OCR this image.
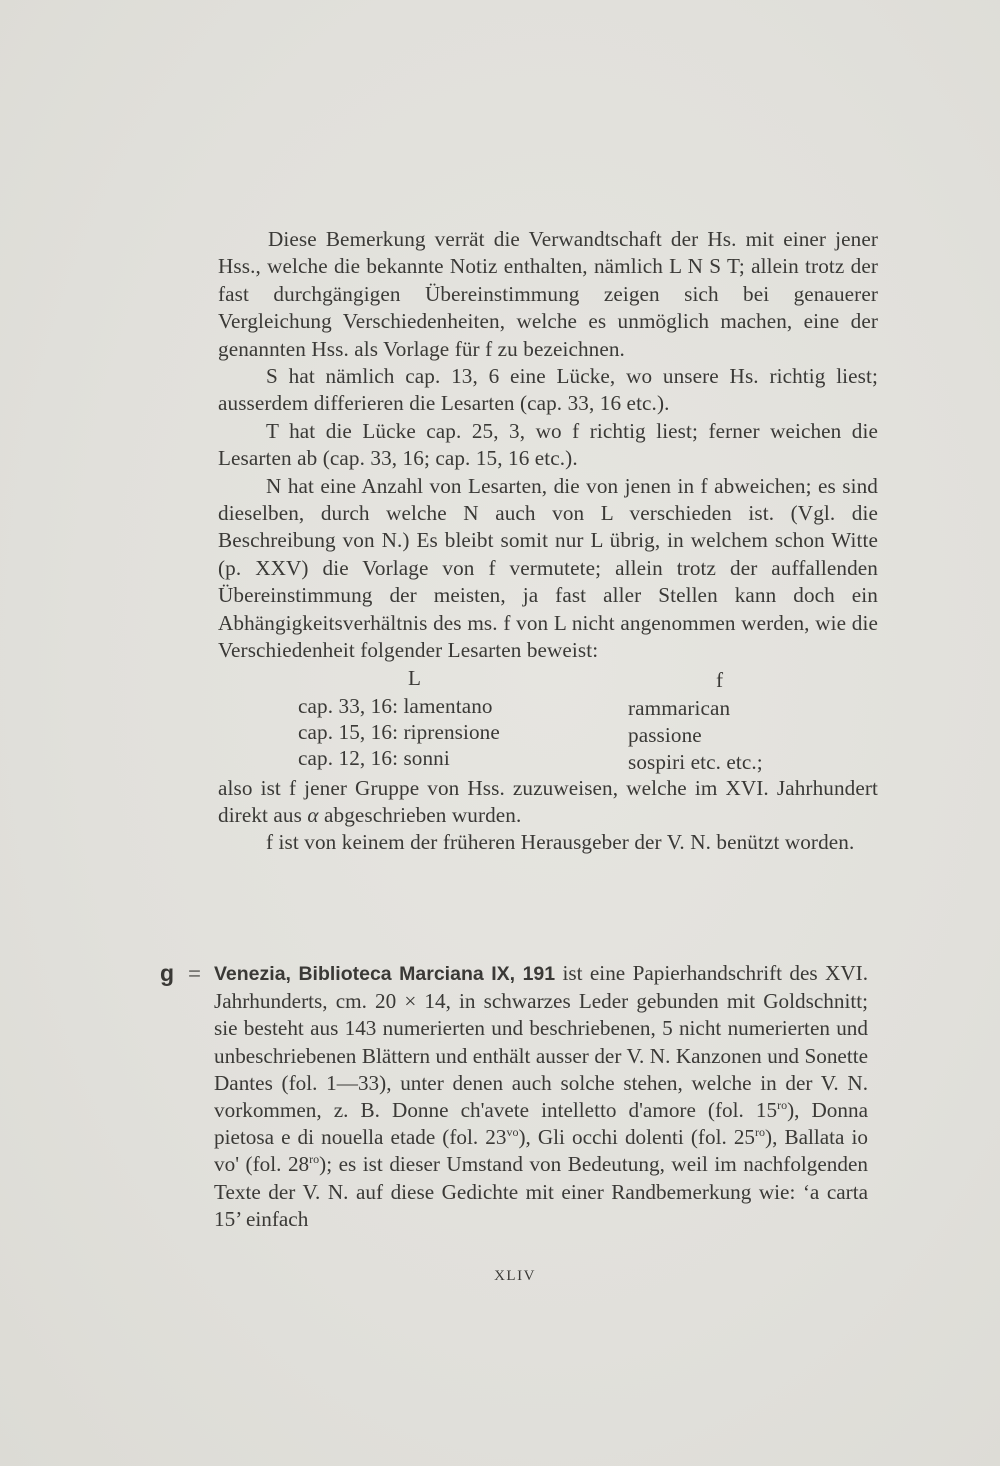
Diese Bemerkung verrät die Verwandtschaft der Hs. mit einer jener Hss., welche die bekannte Notiz enthalten, nämlich L N S T; allein trotz der fast durchgängigen Übereinstimmung zeigen sich bei genauerer Vergleichung Verschiedenheiten, welche es unmöglich machen, eine der genannten Hss. als Vorlage für f zu bezeichnen.

S hat nämlich cap. 13, 6 eine Lücke, wo unsere Hs. richtig liest; ausserdem differieren die Lesarten (cap. 33, 16 etc.).

T hat die Lücke cap. 25, 3, wo f richtig liest; ferner weichen die Lesarten ab (cap. 33, 16; cap. 15, 16 etc.).

N hat eine Anzahl von Lesarten, die von jenen in f abweichen; es sind dieselben, durch welche N auch von L verschieden ist. (Vgl. die Beschreibung von N.) Es bleibt somit nur L übrig, in welchem schon Witte (p. XXV) die Vorlage von f vermutete; allein trotz der auffallenden Übereinstimmung der meisten, ja fast aller Stellen kann doch ein Abhängigkeitsverhältnis des ms. f von L nicht angenommen werden, wie die Verschiedenheit folgender Lesarten beweist:

L	f
cap. 33, 16: lamentano	rammarican
cap. 15, 16: riprensione	passione
cap. 12, 16: sonni	sospiri etc. etc.;

also ist f jener Gruppe von Hss. zuzuweisen, welche im XVI. Jahrhundert direkt aus α abgeschrieben wurden.

f ist von keinem der früheren Herausgeber der V. N. benützt worden.

g = Venezia, Biblioteca Marciana IX, 191 ist eine Papierhandschrift des XVI. Jahrhunderts, cm. 20 × 14, in schwarzes Leder gebunden mit Goldschnitt; sie besteht aus 143 numerierten und beschriebenen, 5 nicht numerierten und unbeschriebenen Blättern und enthält ausser der V. N. Kanzonen und Sonette Dantes (fol. 1—33), unter denen auch solche stehen, welche in der V. N. vorkommen, z. B. Donne ch'avete intelletto d'amore (fol. $15^{ro}$), Donna pietosa e di nouella etade (fol. $23^{vo}$), Gli occhi dolenti (fol. $25^{ro}$), Ballata io vo' (fol. $28^{ro}$); es ist dieser Umstand von Bedeutung, weil im nachfolgenden Texte der V. N. auf diese Gedichte mit einer Randbemerkung wie: ‘a carta 15’ einfach

XLIV
